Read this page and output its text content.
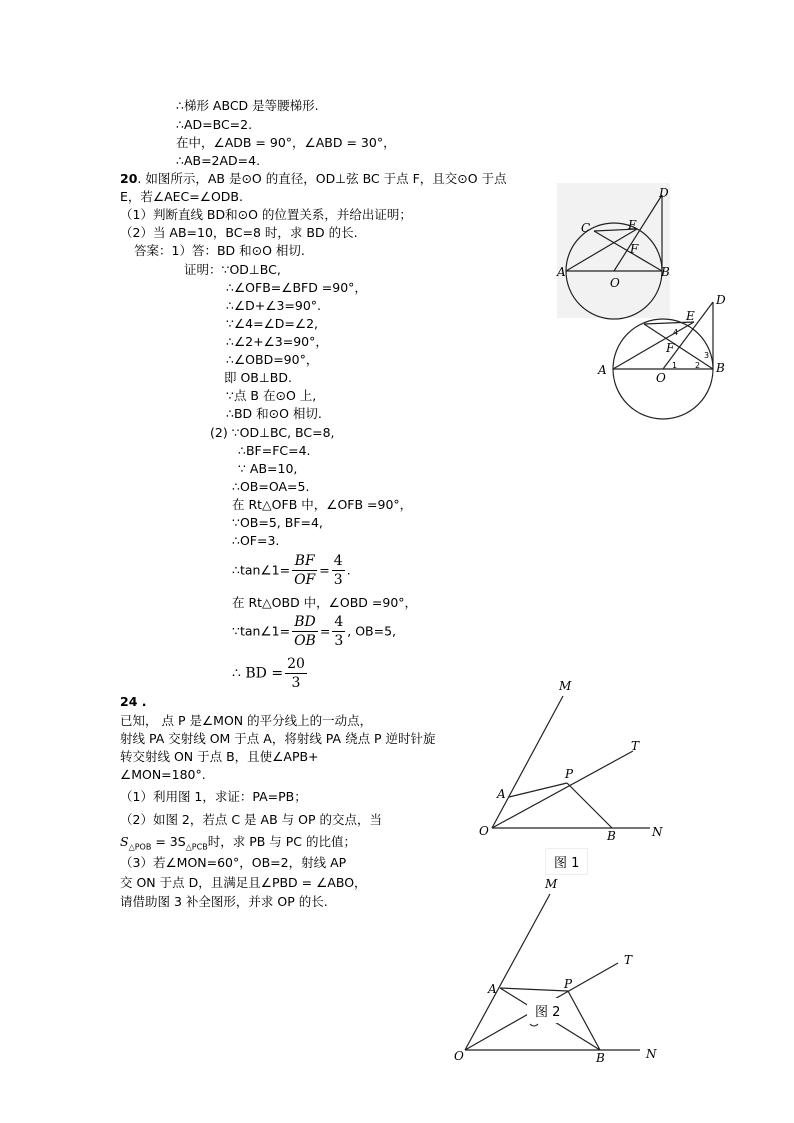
∴梯形 ABCD 是等腰梯形.
∴AD=BC=2.
在中，∠ADB = 90°，∠ABD = 30°，
∴AB=2AD=4.
20. 如图所示，AB 是⊙O 的直径，OD⊥弦 BC 于点 F，且交⊙O 于点
E，若∠AEC=∠ODB.
（1）判断直线 BD和⊙O 的位置关系，并给出证明；
（2）当 AB=10，BC=8 时，求 BD 的长.
答案：1）答：BD 和⊙O 相切.
证明：∵OD⊥BC,
∴∠OFB=∠BFD =90°，
∴∠D+∠3=90°.
∵∠4=∠D=∠2,
∴∠2+∠3=90°，
∴∠OBD=90°，
即 OB⊥BD.
∵点 B 在⊙O 上,
∴BD 和⊙O 相切.
(2) ∵OD⊥BC, BC=8,
∴BF=FC=4.
∵ AB=10,
∴OB=OA=5.
在 Rt△OFB 中，∠OFB =90°，
∵OB=5, BF=4,
∴OF=3.
∴tan∠1= $\frac{BF}{OF} = \frac{4}{3}$ .
在 Rt△OBD 中，∠OBD =90°，
∵tan∠1= $\frac{BD}{OB} = \frac{4}{3}$ , OB=5,
∴ BD = $\frac{20}{3}$
24 .
已知， 点 P 是∠MON 的平分线上的一动点，
射线 PA 交射线 OM 于点 A，将射线 PA 绕点 P 逆时针旋
转交射线 ON 于点 B，且使∠APB+
∠MON=180°.
（1）利用图 1，求证：PA=PB；
（2）如图 2，若点 C 是 AB 与 OP 的交点，当
$S_{\triangle POB} = 3S_{\triangle PCB}$时，求 PB 与 PC 的比值；
（3）若∠MON=60°，OB=2，射线 AP
交 ON 于点 D，且满足且∠PBD = ∠ABO，
请借助图 3 补全图形，并求 OP 的长.
A	B
C
D
E
F
O
A	B
D
E
F
O
1 2
3
4
M
T
P
A
O	B	N
图 1
M
T
P
A
O	B	N
图 2
